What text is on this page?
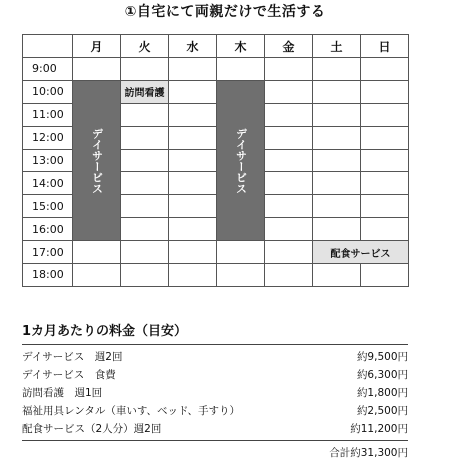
①自宅にて両親だけで生活する
	月	火	水	木	金	土	日
9:00							
10:00	デイサービス	訪問看護		デイサービス			

11:00							
12:00							
13:00							
14:00							
15:00							
16:00							
17:00						配食サービス	
18:00							
1カ月あたりの料金（目安）
デイサービス　週2回	約9,500円
デイサービス　食費	約6,300円
訪問看護　週1回	約1,800円
福祉用具レンタル（車いす、ベッド、手すり）	約2,500円
配食サービス（2人分）週2回	約11,200円
合計約31,300円
